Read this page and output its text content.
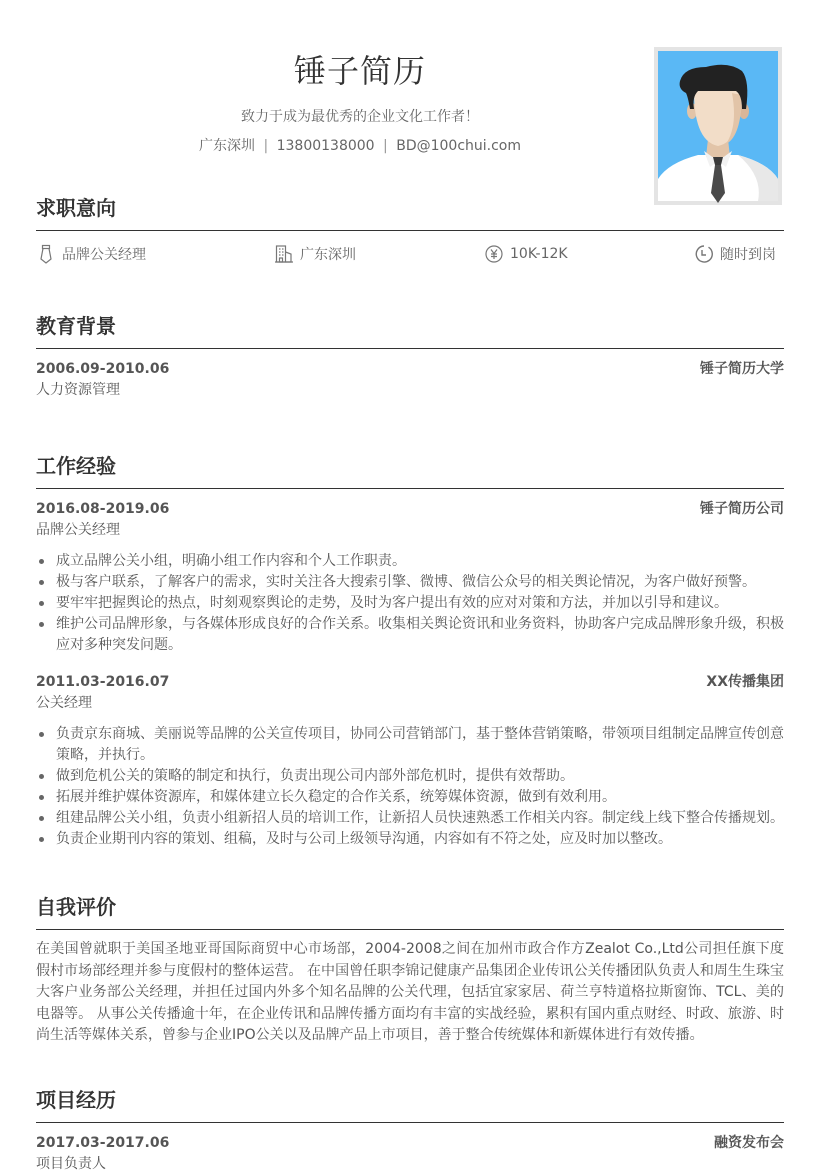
锤子简历
致力于成为最优秀的企业文化工作者！
广东深圳 | 13800138000 | BD@100chui.com
求职意向
品牌公关经理	广东深圳	10K-12K	随时到岗
教育背景
2006.09-2010.06	锤子简历大学
人力资源管理
工作经验
2016.08-2019.06	锤子简历公司
品牌公关经理
成立品牌公关小组，明确小组工作内容和个人工作职责。
极与客户联系，了解客户的需求，实时关注各大搜索引擎、微博、微信公众号的相关舆论情况，为客户做好预警。
要牢牢把握舆论的热点，时刻观察舆论的走势，及时为客户提出有效的应对对策和方法，并加以引导和建议。
维护公司品牌形象，与各媒体形成良好的合作关系。收集相关舆论资讯和业务资料，协助客户完成品牌形象升级，积极应对多种突发问题。
2011.03-2016.07	XX传播集团
公关经理
负责京东商城、美丽说等品牌的公关宣传项目，协同公司营销部门，基于整体营销策略，带领项目组制定品牌宣传创意策略，并执行。
做到危机公关的策略的制定和执行，负责出现公司内部外部危机时，提供有效帮助。
拓展并维护媒体资源库，和媒体建立长久稳定的合作关系，统筹媒体资源，做到有效利用。
组建品牌公关小组，负责小组新招人员的培训工作，让新招人员快速熟悉工作相关内容。制定线上线下整合传播规划。
负责企业期刊内容的策划、组稿，及时与公司上级领导沟通，内容如有不符之处，应及时加以整改。
自我评价

在美国曾就职于美国圣地亚哥国际商贸中心市场部，2004-2008之间在加州市政合作方Zealot Co.,Ltd公司担任旗下度假村市场部经理并参与度假村的整体运营。 在中国曾任职李锦记健康产品集团企业传讯公关传播团队负责人和周生生珠宝大客户业务部公关经理，并担任过国内外多个知名品牌的公关代理，包括宜家家居、荷兰亨特道格拉斯窗饰、TCL、美的电器等。 从事公关传播逾十年，在企业传讯和品牌传播方面均有丰富的实战经验，累积有国内重点财经、时政、旅游、时尚生活等媒体关系，曾参与企业IPO公关以及品牌产品上市项目，善于整合传统媒体和新媒体进行有效传播。

项目经历
2017.03-2017.06	融资发布会
项目负责人
